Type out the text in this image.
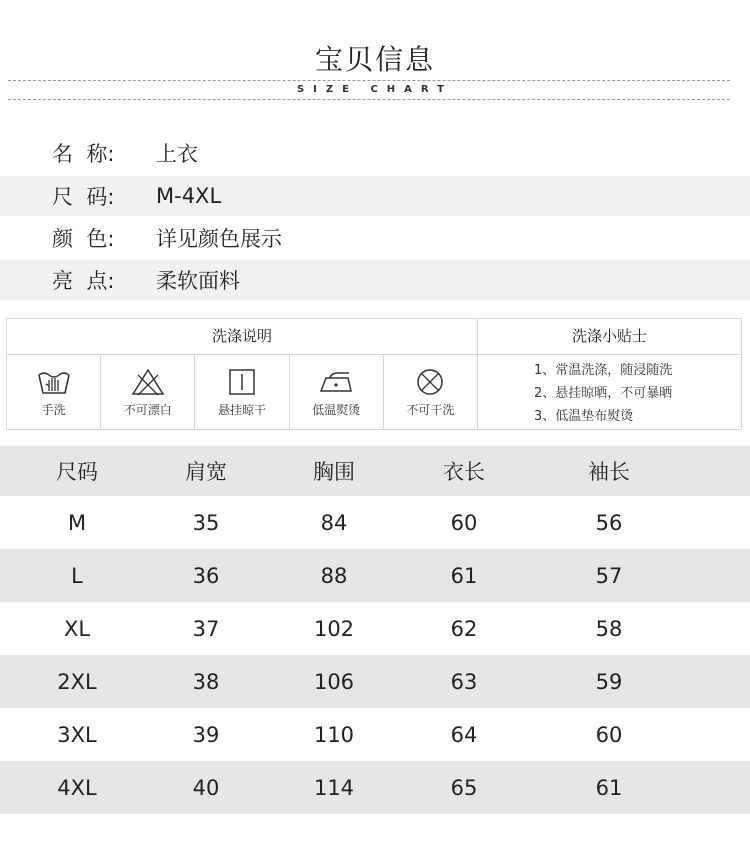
宝贝信息
SIZE CHART
名  称: 上衣
尺  码: M-4XL
颜  色: 详见颜色展示
亮  点: 柔软面料
洗涤说明
手洗	不可漂白	悬挂晾干	低温熨烫	不可干洗
洗涤小贴士
1、常温洗涤，随浸随洗
2、悬挂晾晒，不可暴晒
3、低温垫布熨烫
尺码	肩宽	胸围	衣长	袖长
M	35	84	60	56
L	36	88	61	57
XL	37	102	62	58
2XL	38	106	63	59
3XL	39	110	64	60
4XL	40	114	65	61
